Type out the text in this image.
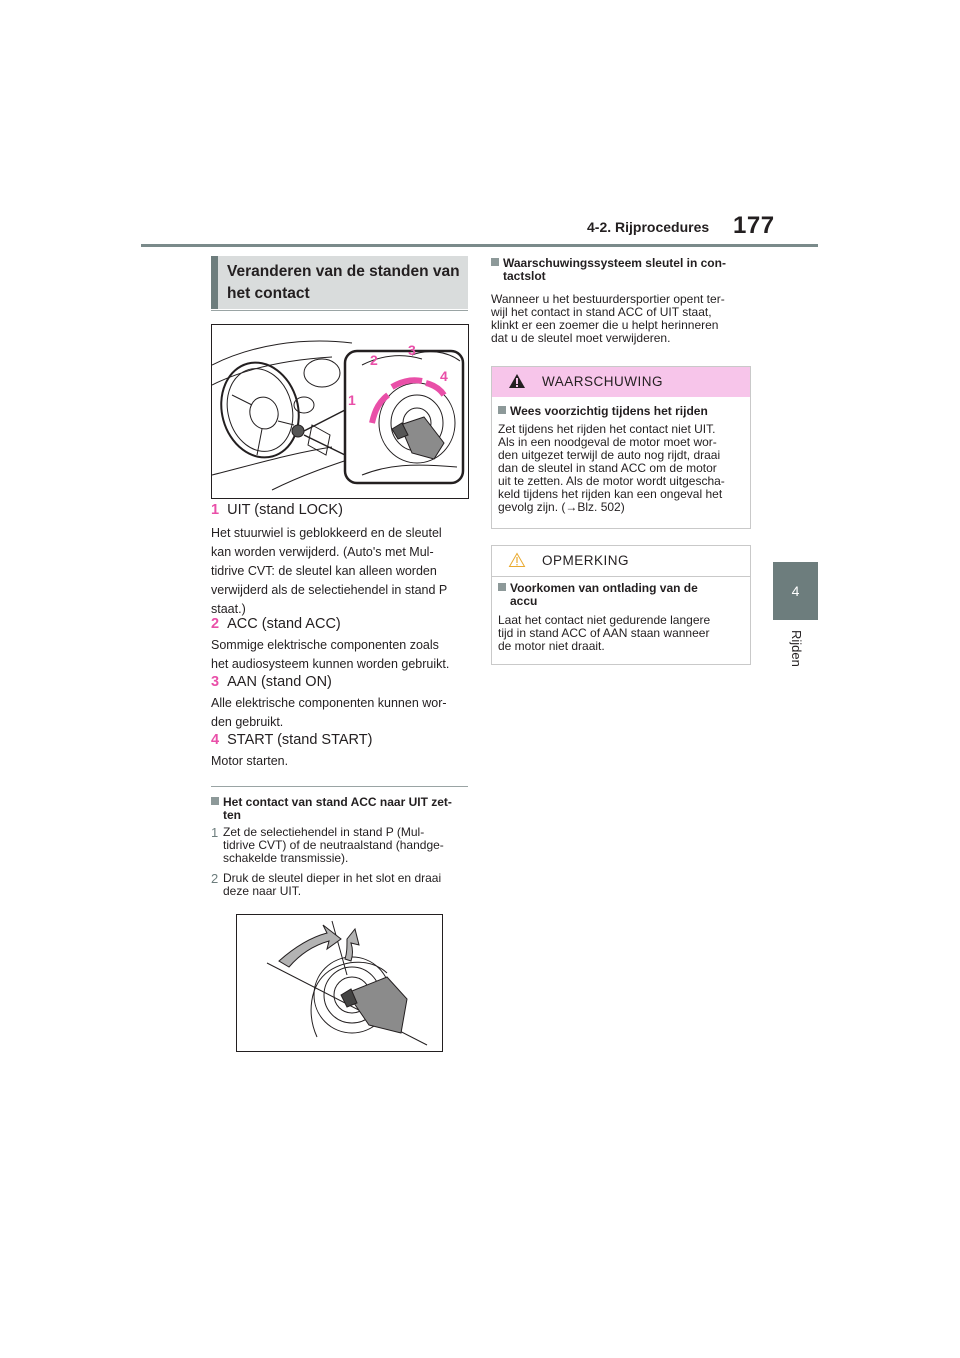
4-2. Rijprocedures 177
4
Rijden
Veranderen van de standen van het contact
1
2
3
4
1 UIT (stand LOCK)
Het stuurwiel is geblokkeerd en de sleutel
kan worden verwijderd. (Auto's met Mul-
tidrive CVT: de sleutel kan alleen worden
verwijderd als de selectiehendel in stand P
staat.)
2 ACC (stand ACC)
Sommige elektrische componenten zoals
het audiosysteem kunnen worden gebruikt.
3 AAN (stand ON)
Alle elektrische componenten kunnen wor-
den gebruikt.
4 START (stand START)
Motor starten.
Het contact van stand ACC naar UIT zet-
ten
1 Zet de selectiehendel in stand P (Mul-
tidrive CVT) of de neutraalstand (handge-
schakelde transmissie).
2 Druk de sleutel dieper in het slot en draai
deze naar UIT.
Waarschuwingssysteem sleutel in con-
tactslot
Wanneer u het bestuurdersportier opent ter-
wijl het contact in stand ACC of UIT staat,
klinkt er een zoemer die u helpt herinneren
dat u de sleutel moet verwijderen.
WAARSCHUWING
Wees voorzichtig tijdens het rijden
Zet tijdens het rijden het contact niet UIT.
Als in een noodgeval de motor moet wor-
den uitgezet terwijl de auto nog rijdt, draai
dan de sleutel in stand ACC om de motor
uit te zetten. Als de motor wordt uitgescha-
keld tijdens het rijden kan een ongeval het
gevolg zijn. (→Blz. 502)
OPMERKING
Voorkomen van ontlading van de
accu
Laat het contact niet gedurende langere
tijd in stand ACC of AAN staan wanneer
de motor niet draait.
